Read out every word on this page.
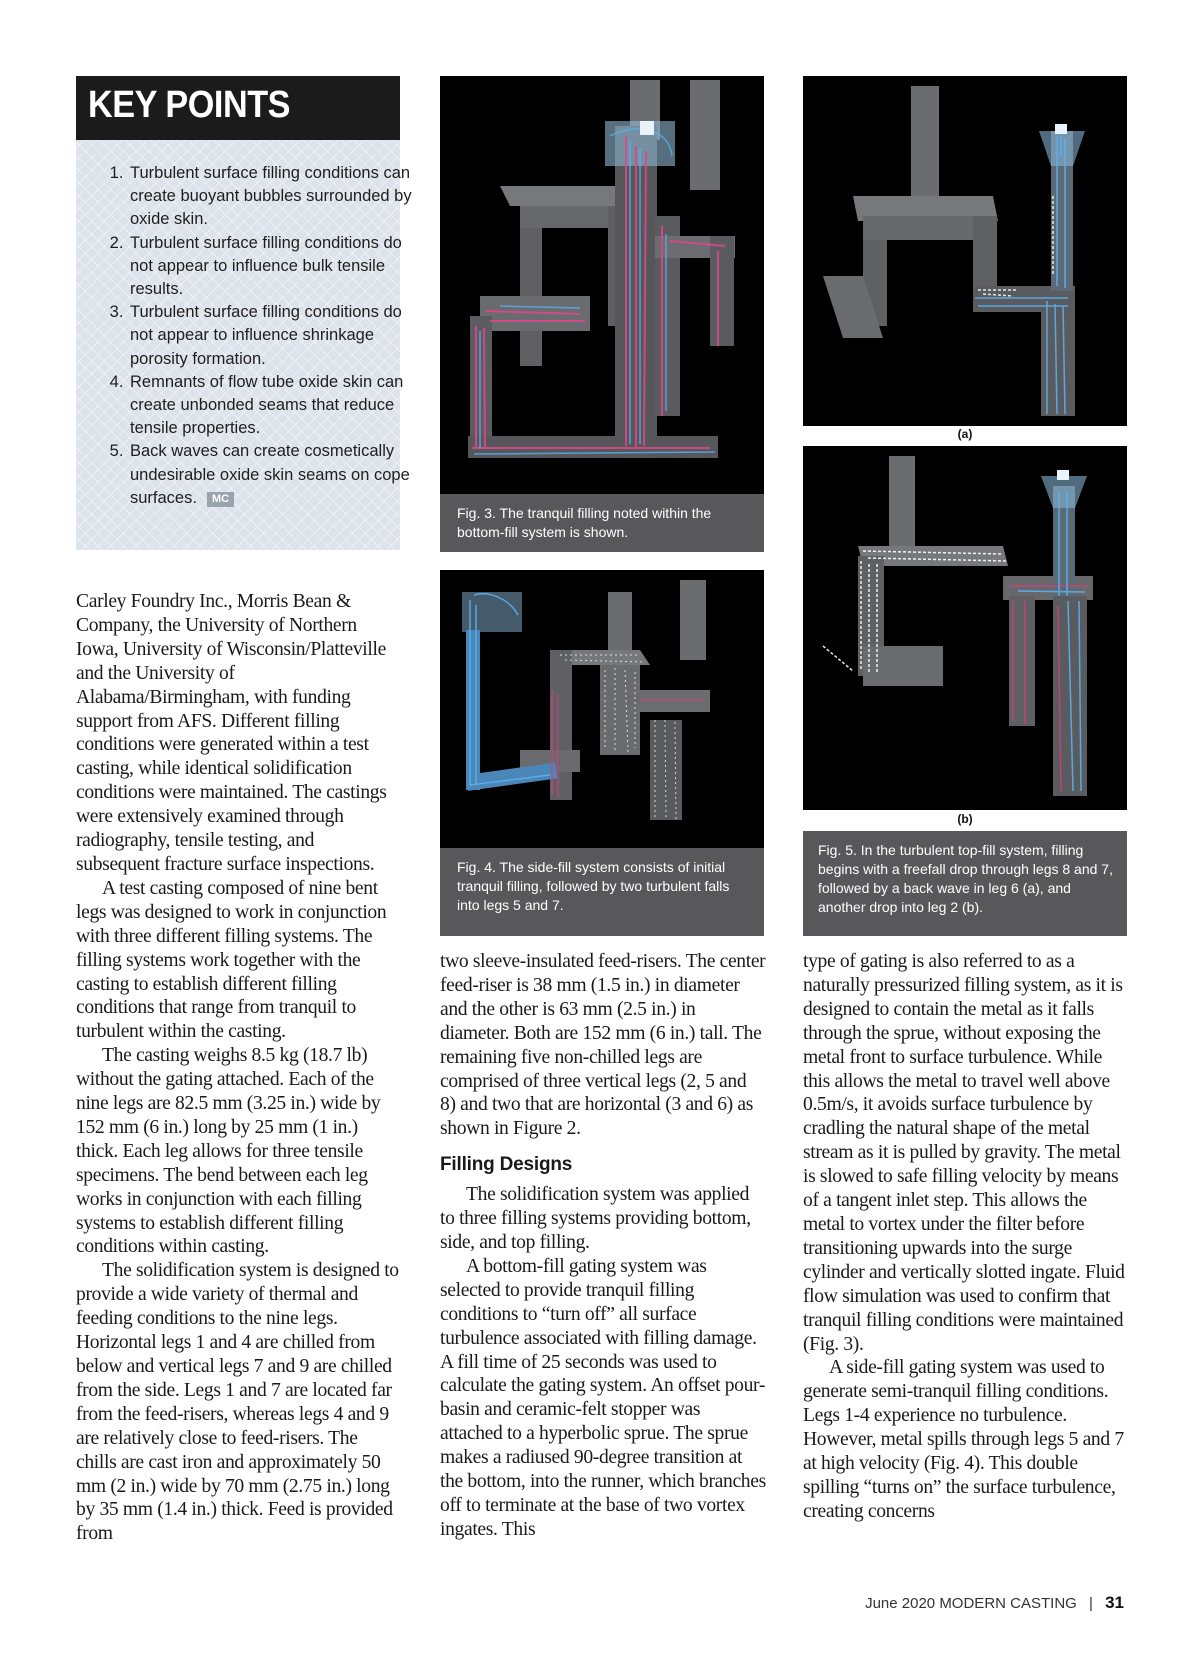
KEY POINTS
1. Turbulent surface filling conditions can create buoyant bubbles surrounded by oxide skin.
2. Turbulent surface filling conditions do not appear to influence bulk tensile results.
3. Turbulent surface filling conditions do not appear to influence shrinkage porosity formation.
4. Remnants of flow tube oxide skin can create unbonded seams that reduce tensile properties.
5. Back waves can create cosmetically undesirable oxide skin seams on cope surfaces. MC
Fig. 3. The tranquil filling noted within the bottom-fill system is shown.
Fig. 4. The side-fill system consists of initial tranquil filling, followed by two turbulent falls into legs 5 and 7.
(a)
(b)
Fig. 5. In the turbulent top-fill system, filling begins with a freefall drop through legs 8 and 7, followed by a back wave in leg 6 (a), and another drop into leg 2 (b).

Carley Foundry Inc., Morris Bean & Company, the University of Northern Iowa, University of Wisconsin/Platteville and the University of Alabama/Birmingham, with funding support from AFS. Different filling conditions were generated within a test casting, while identical solidification conditions were maintained. The castings were extensively examined through radiography, tensile testing, and subsequent fracture surface inspections.

A test casting composed of nine bent legs was designed to work in conjunction with three different filling systems. The filling systems work together with the casting to establish different filling conditions that range from tranquil to turbulent within the casting.

The casting weighs 8.5 kg (18.7 lb) without the gating attached. Each of the nine legs are 82.5 mm (3.25 in.) wide by 152 mm (6 in.) long by 25 mm (1 in.) thick. Each leg allows for three tensile specimens. The bend between each leg works in conjunction with each filling systems to establish different filling conditions within casting.

The solidification system is designed to provide a wide variety of thermal and feeding conditions to the nine legs. Horizontal legs 1 and 4 are chilled from below and vertical legs 7 and 9 are chilled from the side. Legs 1 and 7 are located far from the feed-risers, whereas legs 4 and 9 are relatively close to feed-risers. The chills are cast iron and approximately 50 mm (2 in.) wide by 70 mm (2.75 in.) long by 35 mm (1.4 in.) thick. Feed is provided from

two sleeve-insulated feed-risers. The center feed-riser is 38 mm (1.5 in.) in diameter and the other is 63 mm (2.5 in.) in diameter. Both are 152 mm (6 in.) tall. The remaining five non-chilled legs are comprised of three vertical legs (2, 5 and 8) and two that are horizontal (3 and 6) as shown in Figure 2.

Filling Designs

The solidification system was applied to three filling systems providing bottom, side, and top filling.

A bottom-fill gating system was selected to provide tranquil filling conditions to “turn off” all surface turbulence associated with filling damage. A fill time of 25 seconds was used to calculate the gating system. An offset pour-basin and ceramic-felt stopper was attached to a hyperbolic sprue. The sprue makes a radiused 90-degree transition at the bottom, into the runner, which branches off to terminate at the base of two vortex ingates. This

type of gating is also referred to as a naturally pressurized filling system, as it is designed to contain the metal as it falls through the sprue, without exposing the metal front to surface turbulence. While this allows the metal to travel well above 0.5m/s, it avoids surface turbulence by cradling the natural shape of the metal stream as it is pulled by gravity. The metal is slowed to safe filling velocity by means of a tangent inlet step. This allows the metal to vortex under the filter before transitioning upwards into the surge cylinder and vertically slotted ingate. Fluid flow simulation was used to confirm that tranquil filling conditions were maintained (Fig. 3).

A side-fill gating system was used to generate semi-tranquil filling conditions. Legs 1-4 experience no turbulence. However, metal spills through legs 5 and 7 at high velocity (Fig. 4). This double spilling “turns on” the surface turbulence, creating concerns

June 2020 MODERN CASTING | 31
